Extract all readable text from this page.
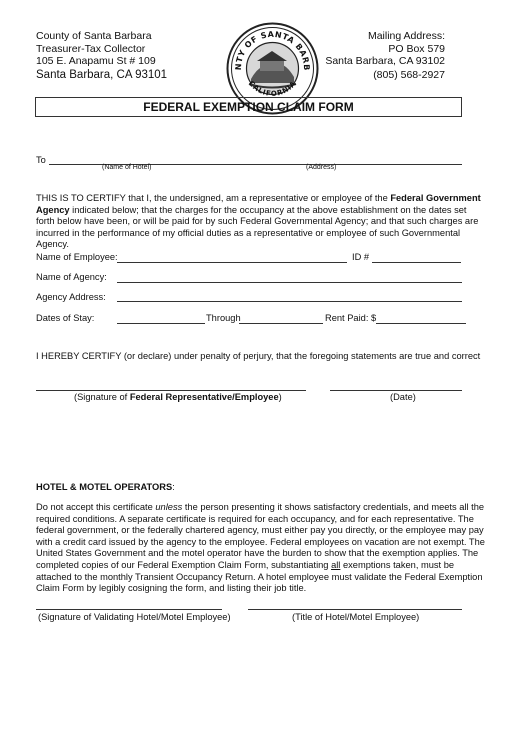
County of Santa Barbara
Treasurer-Tax Collector
105 E. Anapamu St # 109
Santa Barbara, CA 93101
NTY OF SANTA BARB
CALIFORNIA
Mailing Address:
PO Box 579
Santa Barbara, CA 93102
(805) 568-2927
FEDERAL EXEMPTION CLAIM FORM
To
(Name of Hotel)	(Address)
THIS IS TO CERTIFY that I, the undersigned, am a representative or employee of the Federal Government Agency indicated below; that the charges for the occupancy at the above establishment on the dates set forth below have been, or will be paid for by such Federal Governmental Agency; and that such charges are incurred in the performance of my official duties as a representative or employee of such Governmental Agency.
Name of Employee:	ID #
Name of Agency:
Agency Address:
Dates of Stay:	Through	Rent Paid: $
I HEREBY CERTIFY (or declare) under penalty of perjury, that the foregoing statements are true and correct
(Signature of Federal Representative/Employee)	(Date)
HOTEL & MOTEL OPERATORS:
Do not accept this certificate unless the person presenting it shows satisfactory credentials, and meets all the required conditions. A separate certificate is required for each occupancy, and for each representative. The federal government, or the federally chartered agency, must either pay you directly, or the employee may pay with a credit card issued by the agency to the employee. Federal employees on vacation are not exempt. The United States Government and the motel operator have the burden to show that the exemption applies. The completed copies of our Federal Exemption Claim Form, substantiating all exemptions taken, must be attached to the monthly Transient Occupancy Return. A hotel employee must validate the Federal Exemption Claim Form by legibly cosigning the form, and listing their job title.
(Signature of Validating Hotel/Motel Employee)	(Title of Hotel/Motel Employee)
